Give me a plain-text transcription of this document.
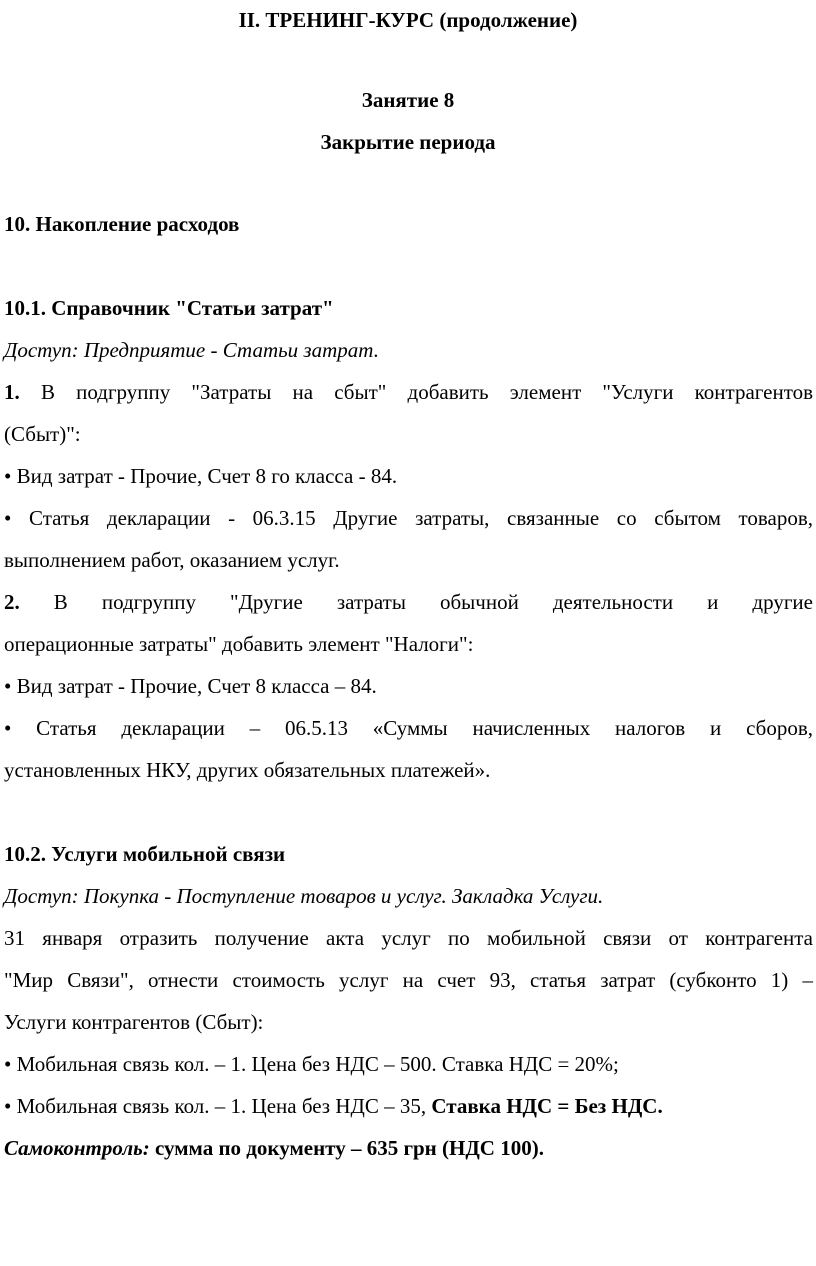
II. ТРЕНИНГ-КУРС (продолжение)
Занятие 8
Закрытие периода
10. Накопление расходов
10.1. Справочник "Статьи затрат"
Доступ: Предприятие - Статьи затрат.
1. В подгруппу "Затраты на сбыт" добавить элемент "Услуги контрагентов
(Сбыт)":
• Вид затрат - Прочие, Счет 8 го класса - 84.
• Статья декларации - 06.3.15 Другие затраты, связанные со сбытом товаров,
выполнением работ, оказанием услуг.
2. В подгруппу "Другие затраты обычной деятельности и другие
операционные затраты" добавить элемент "Налоги":
• Вид затрат - Прочие, Счет 8 класса – 84.
• Статья декларации – 06.5.13 «Суммы начисленных налогов и сборов,
установленных НКУ, других обязательных платежей».
10.2. Услуги мобильной связи
Доступ: Покупка - Поступление товаров и услуг. Закладка Услуги.
31 января отразить получение акта услуг по мобильной связи от контрагента
"Мир Связи", отнести стоимость услуг на счет 93, статья затрат (субконто 1) –
Услуги контрагентов (Сбыт):
• Мобильная связь кол. – 1. Цена без НДС – 500. Ставка НДС = 20%;
• Мобильная связь кол. – 1. Цена без НДС – 35, Ставка НДС = Без НДС.
Самоконтроль: сумма по документу – 635 грн (НДС 100).
